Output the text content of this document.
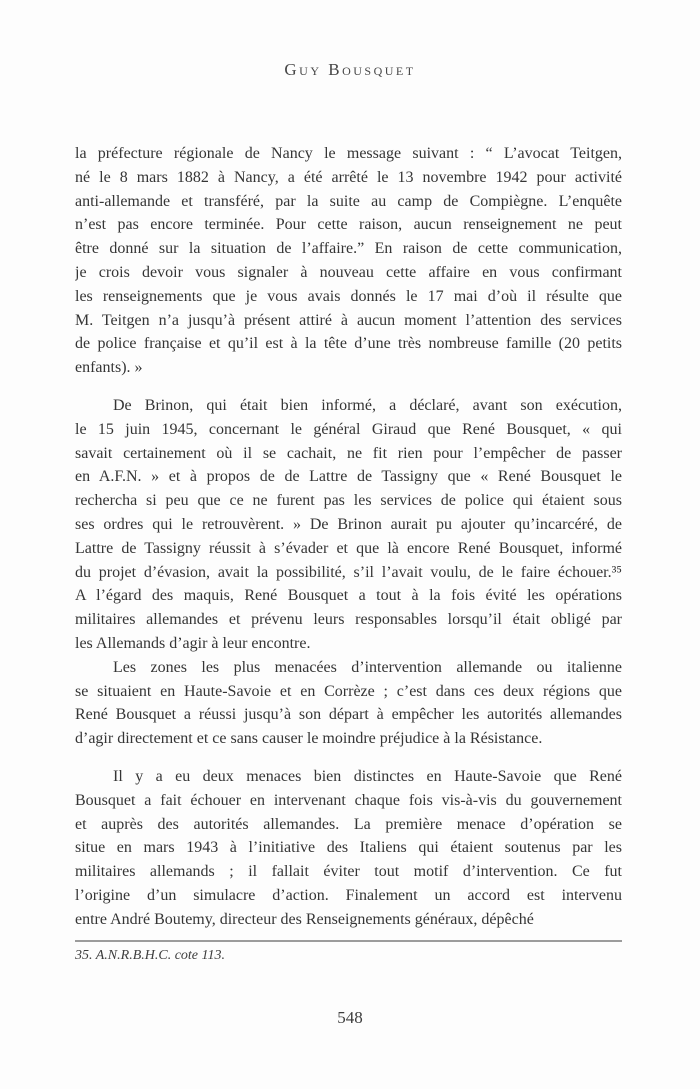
Guy Bousquet
la préfecture régionale de Nancy le message suivant : “ L’avocat Teitgen,
né le 8 mars 1882 à Nancy, a été arrêté le 13 novembre 1942 pour activité
anti-allemande et transféré, par la suite au camp de Compiègne. L’enquête
n’est pas encore terminée. Pour cette raison, aucun renseignement ne peut
être donné sur la situation de l’affaire.” En raison de cette communication,
je crois devoir vous signaler à nouveau cette affaire en vous confirmant
les renseignements que je vous avais donnés le 17 mai d’où il résulte que
M. Teitgen n’a jusqu’à présent attiré à aucun moment l’attention des services
de police française et qu’il est à la tête d’une très nombreuse famille (20 petits
enfants). »
De Brinon, qui était bien informé, a déclaré, avant son exécution,
le 15 juin 1945, concernant le général Giraud que René Bousquet, « qui
savait certainement où il se cachait, ne fit rien pour l’empêcher de passer
en A.F.N. » et à propos de de Lattre de Tassigny que « René Bousquet le
rechercha si peu que ce ne furent pas les services de police qui étaient sous
ses ordres qui le retrouvèrent. » De Brinon aurait pu ajouter qu’incarcéré, de
Lattre de Tassigny réussit à s’évader et que là encore René Bousquet, informé
du projet d’évasion, avait la possibilité, s’il l’avait voulu, de le faire échouer.³⁵
A l’égard des maquis, René Bousquet a tout à la fois évité les opérations
militaires allemandes et prévenu leurs responsables lorsqu’il était obligé par
les Allemands d’agir à leur encontre.
Les zones les plus menacées d’intervention allemande ou italienne
se situaient en Haute-Savoie et en Corrèze ; c’est dans ces deux régions que
René Bousquet a réussi jusqu’à son départ à empêcher les autorités allemandes
d’agir directement et ce sans causer le moindre préjudice à la Résistance.
Il y a eu deux menaces bien distinctes en Haute-Savoie que René
Bousquet a fait échouer en intervenant chaque fois vis-à-vis du gouvernement
et auprès des autorités allemandes. La première menace d’opération se
situe en mars 1943 à l’initiative des Italiens qui étaient soutenus par les
militaires allemands ; il fallait éviter tout motif d’intervention. Ce fut
l’origine d’un simulacre d’action. Finalement un accord est intervenu
entre André Boutemy, directeur des Renseignements généraux, dépêché
35. A.N.R.B.H.C. cote 113.
548
